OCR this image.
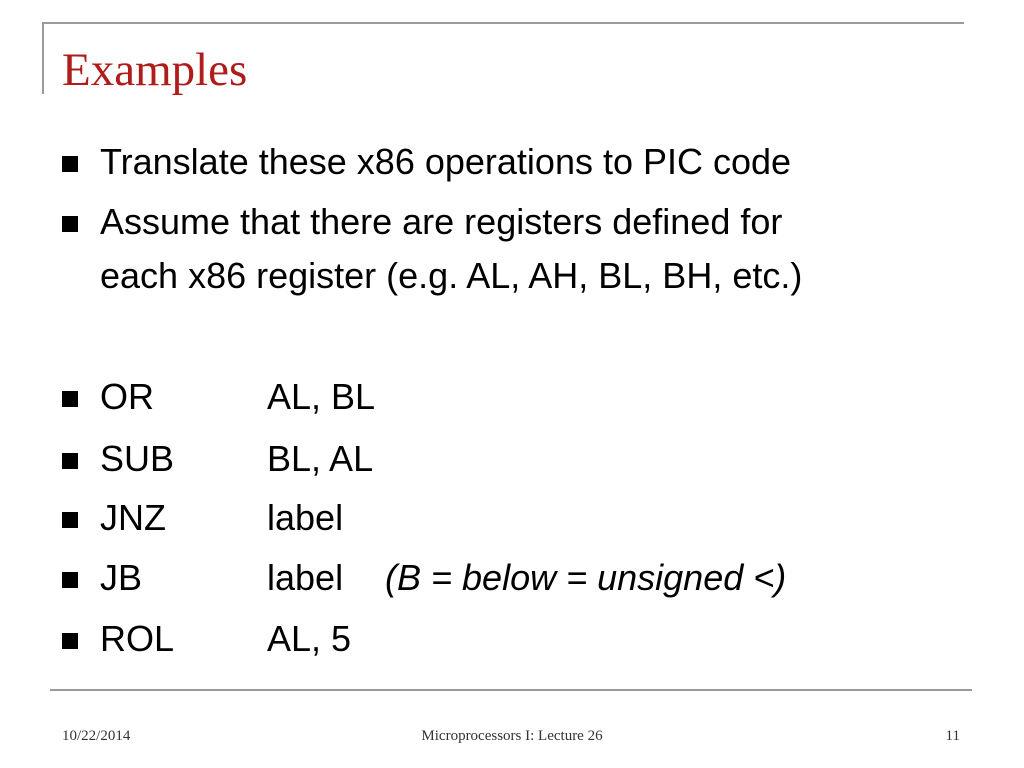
Examples
Translate these x86 operations to PIC code
Assume that there are registers defined for
each x86 register (e.g. AL, AH, BL, BH, etc.)
OR	AL, BL
SUB	BL, AL
JNZ	label
JB	label (B = below = unsigned <)
ROL	AL, 5
10/22/2014	Microprocessors I: Lecture 26	11
